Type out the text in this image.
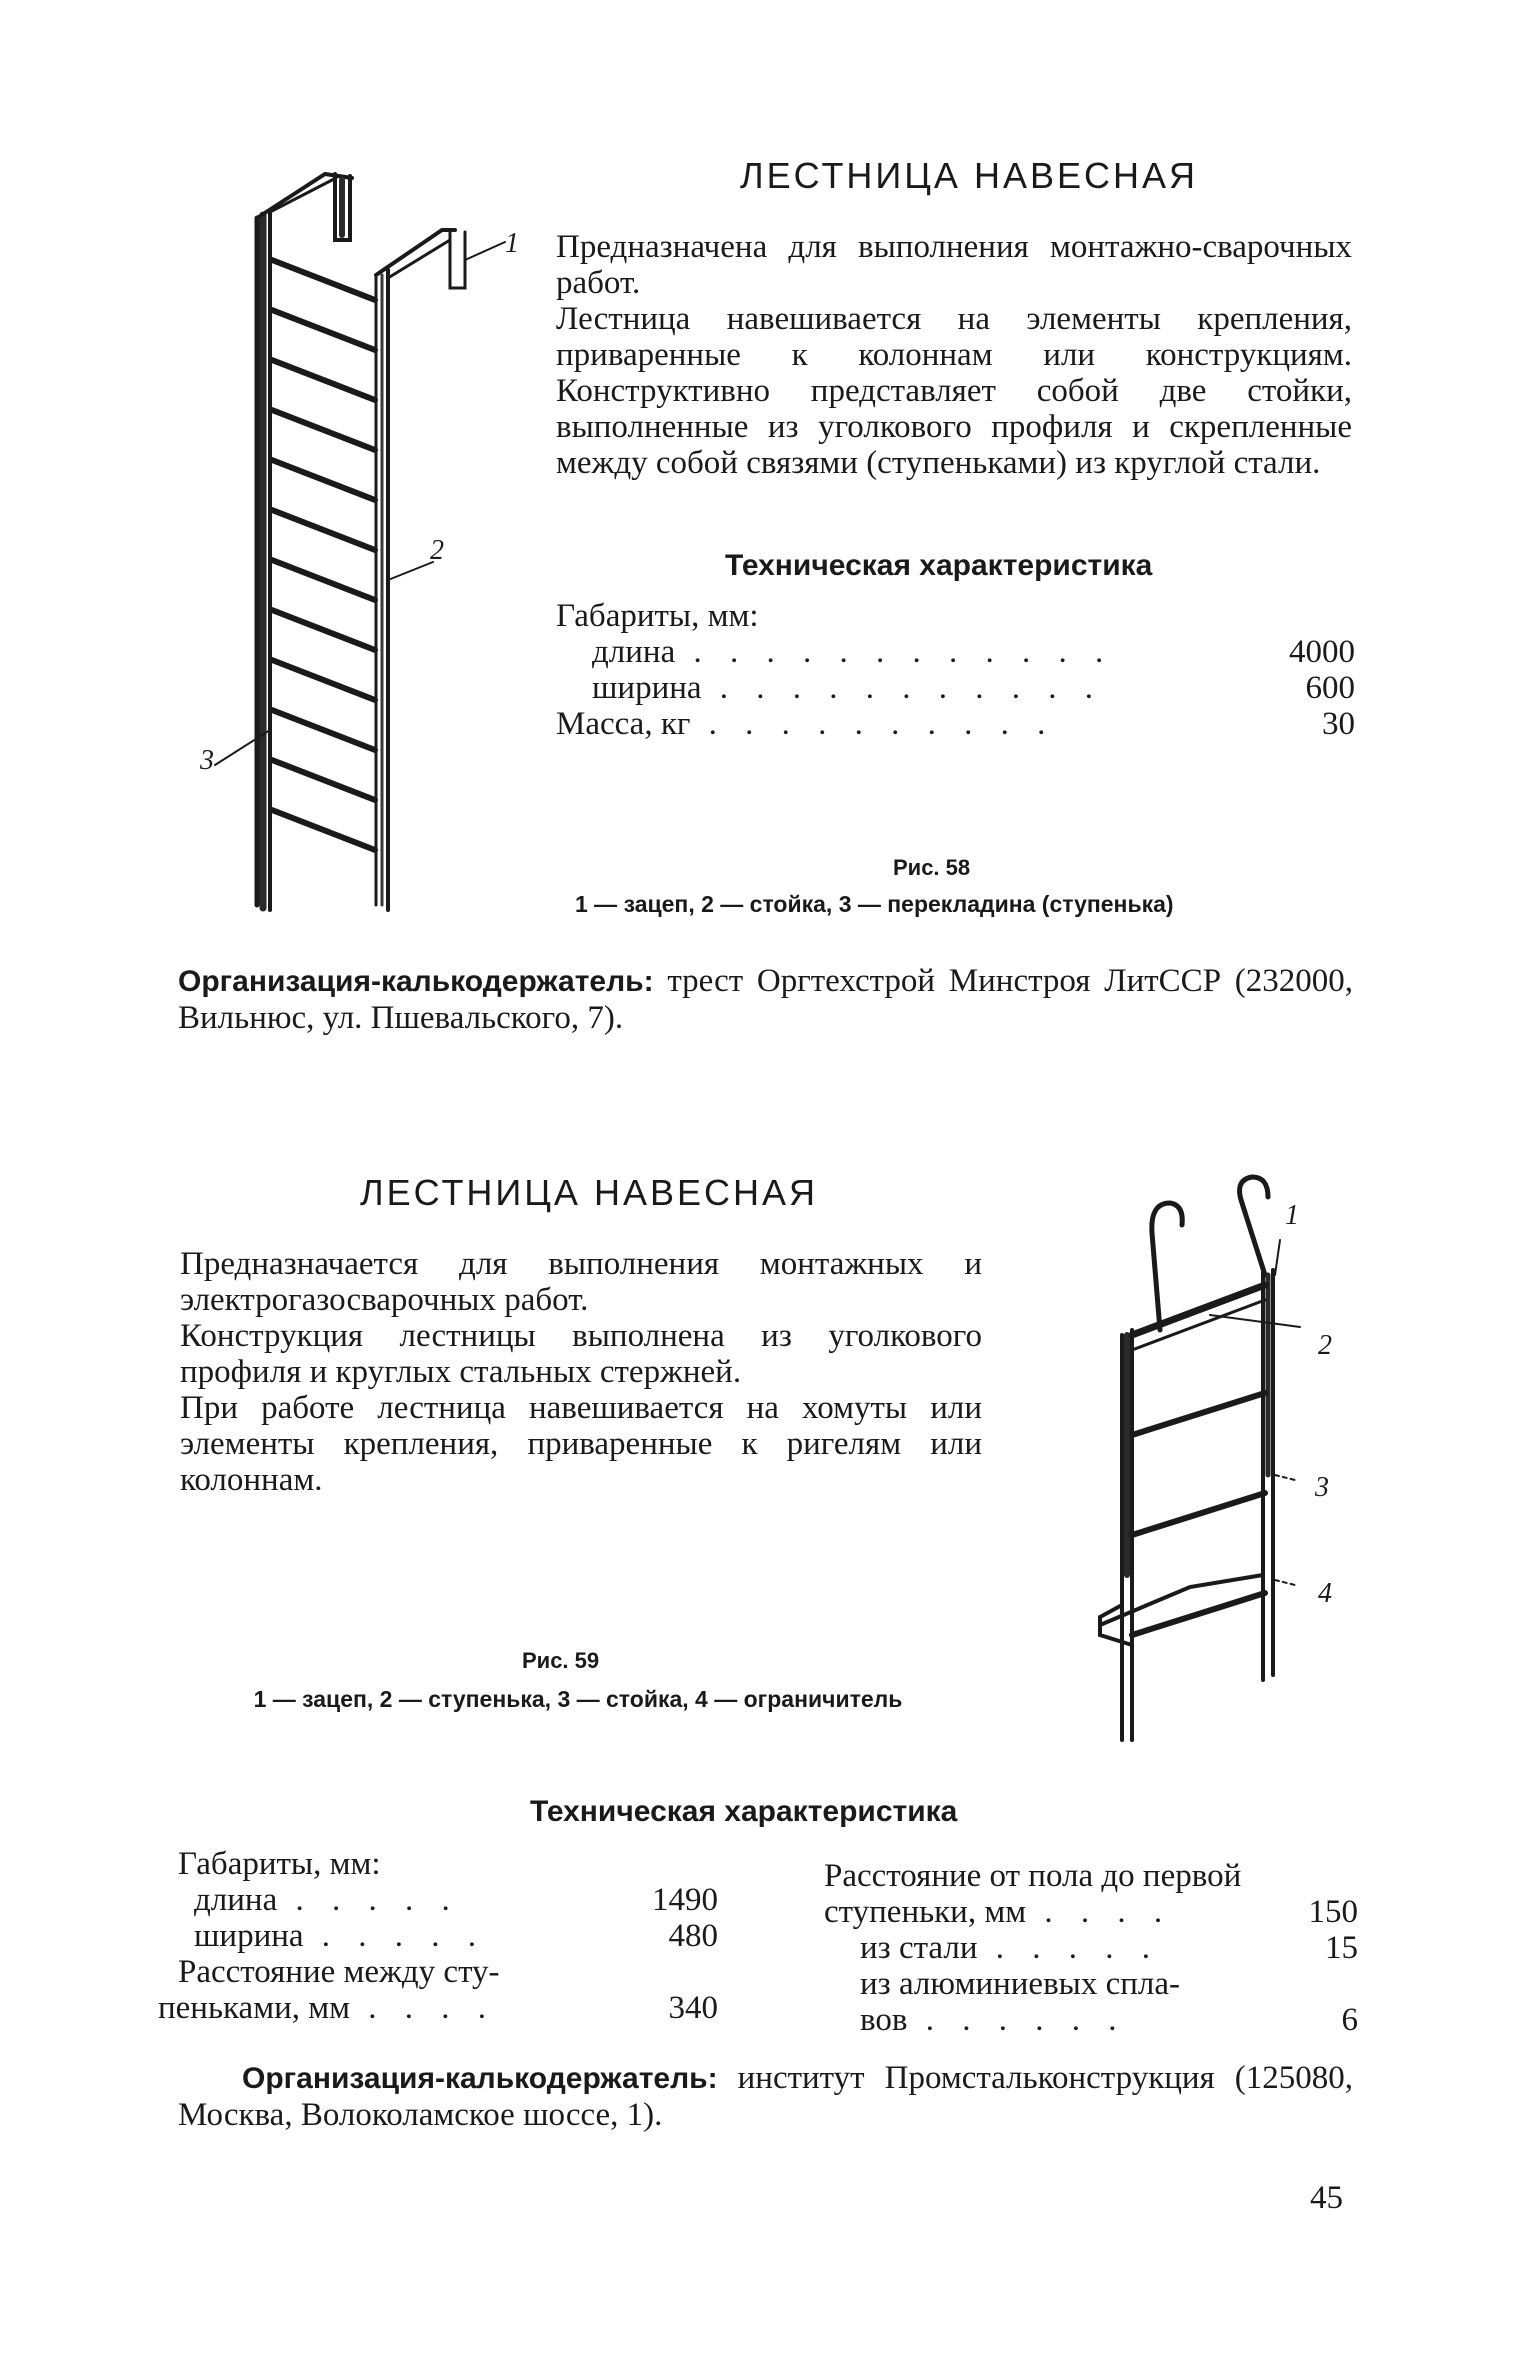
1
2
3
ЛЕСТНИЦА НАВЕСНАЯ

Предназначена для выполнения монтажно-сварочных работ.

Лестница навешивается на элементы крепления, приваренные к колоннам или конструкциям. Конструктивно представляет собой две стойки, выполненные из уголкового профиля и скрепленные между собой связями (ступеньками) из круглой стали.

Техническая характеристика
Габариты, мм:
длина . . . . . . . . . . . .	4000
ширина . . . . . . . . . . .	600
Масса, кг . . . . . . . . . .	30
Рис. 58
1 — зацеп, 2 — стойка, 3 — перекладина (ступенька)
Организация-калькодержатель: трест Оргтехстрой Минстроя ЛитССР (232000, Вильнюс, ул. Пшевальского, 7).
ЛЕСТНИЦА НАВЕСНАЯ

Предназначается для выполнения монтажных и электрогазосварочных работ.

Конструкция лестницы выполнена из уголкового профиля и круглых стальных стержней.

При работе лестница навешивается на хомуты или элементы крепления, приваренные к ригелям или колоннам.

1
2
3
4
Рис. 59
1 — зацеп, 2 — ступенька, 3 — стойка, 4 — ограничитель
Техническая характеристика
Габариты, мм:
длина . . . . .	1490
ширина . . . . .	480
Расстояние между сту-
пеньками, мм . . . .	340
Расстояние от пола до первой
ступеньки, мм . . . .	150
из стали . . . . .	15
из алюминиевых спла-
вов . . . . . .	6
Организация-калькодержатель: институт Промстальконструкция (125080, Москва, Волоколамское шоссе, 1).
45
